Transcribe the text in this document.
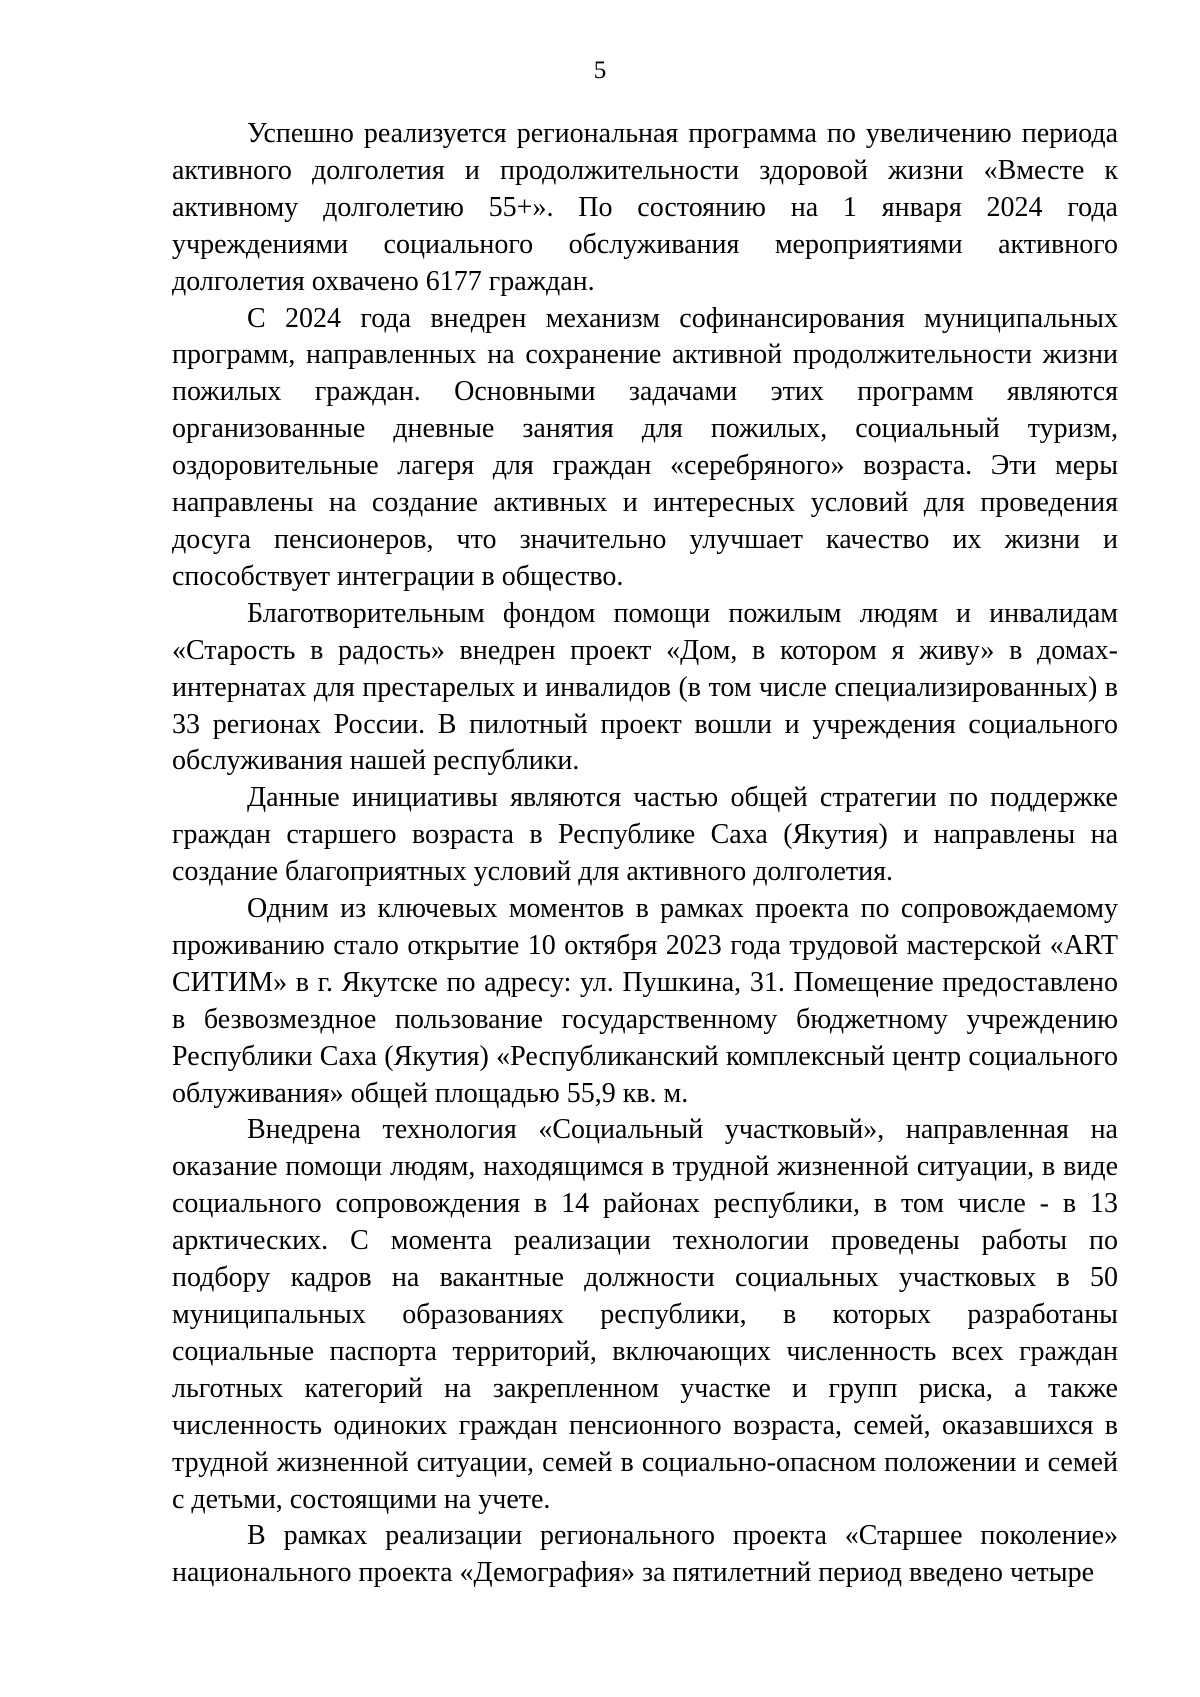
5

Успешно реализуется региональная программа по увеличению периода активного долголетия и продолжительности здоровой жизни «Вместе к активному долголетию 55+». По состоянию на 1 января 2024 года учреждениями социального обслуживания мероприятиями активного долголетия охвачено 6177 граждан.

С 2024 года внедрен механизм софинансирования муниципальных программ, направленных на сохранение активной продолжительности жизни пожилых граждан. Основными задачами этих программ являются организованные дневные занятия для пожилых, социальный туризм, оздоровительные лагеря для граждан «серебряного» возраста. Эти меры направлены на создание активных и интересных условий для проведения досуга пенсионеров, что значительно улучшает качество их жизни и способствует интеграции в общество.

Благотворительным фондом помощи пожилым людям и инвалидам «Старость в радость» внедрен проект «Дом, в котором я живу» в домах-интернатах для престарелых и инвалидов (в том числе специализированных) в 33 регионах России. В пилотный проект вошли и учреждения социального обслуживания нашей республики.

Данные инициативы являются частью общей стратегии по поддержке граждан старшего возраста в Республике Саха (Якутия) и направлены на создание благоприятных условий для активного долголетия.

Одним из ключевых моментов в рамках проекта по сопровождаемому проживанию стало открытие 10 октября 2023 года трудовой мастерской «ART СИТИМ» в г. Якутске по адресу: ул. Пушкина, 31. Помещение предоставлено в безвозмездное пользование государственному бюджетному учреждению Республики Саха (Якутия) «Республиканский комплексный центр социального облуживания» общей площадью 55,9 кв. м.

Внедрена технология «Социальный участковый», направленная на оказание помощи людям, находящимся в трудной жизненной ситуации, в виде социального сопровождения в 14 районах республики, в том числе - в 13 арктических. С момента реализации технологии проведены работы по подбору кадров на вакантные должности социальных участковых в 50 муниципальных образованиях республики, в которых разработаны социальные паспорта территорий, включающих численность всех граждан льготных категорий на закрепленном участке и групп риска, а также численность одиноких граждан пенсионного возраста, семей, оказавшихся в трудной жизненной ситуации, семей в социально-опасном положении и семей с детьми, состоящими на учете.

В рамках реализации регионального проекта «Старшее поколение» национального проекта «Демография» за пятилетний период введено четыре
